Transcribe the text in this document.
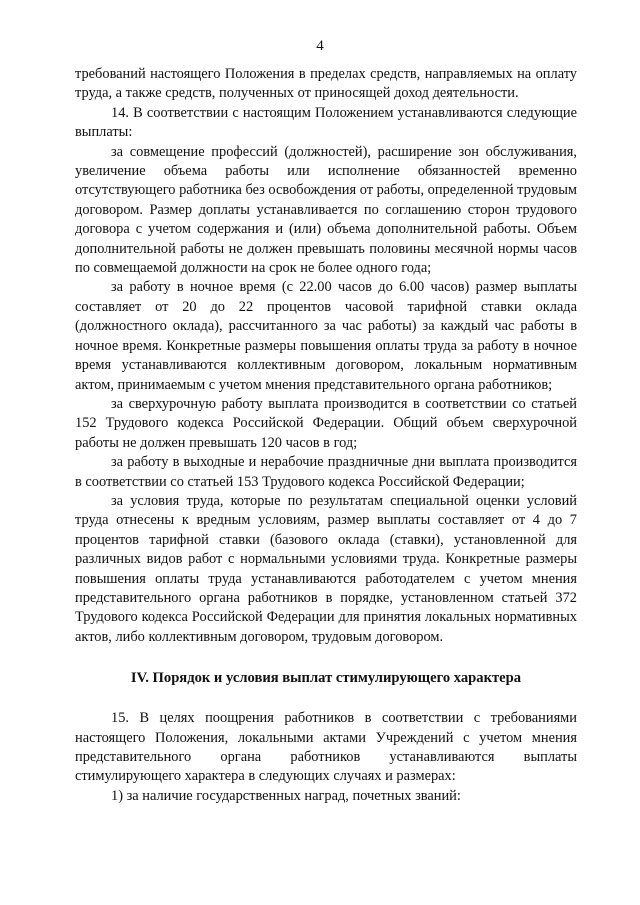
4

требований настоящего Положения в пределах средств, направляемых на оплату труда, а также средств, полученных от приносящей доход деятельности.

14. В соответствии с настоящим Положением устанавливаются следующие выплаты:

за совмещение профессий (должностей), расширение зон обслуживания, увеличение объема работы или исполнение обязанностей временно отсутствующего работника без освобождения от работы, определенной трудовым договором. Размер доплаты устанавливается по соглашению сторон трудового договора с учетом содержания и (или) объема дополнительной работы. Объем дополнительной работы не должен превышать половины месячной нормы часов по совмещаемой должности на срок не более одного года;

за работу в ночное время (с 22.00 часов до 6.00 часов) размер выплаты составляет от 20 до 22 процентов часовой тарифной ставки оклада (должностного оклада), рассчитанного за час работы) за каждый час работы в ночное время. Конкретные размеры повышения оплаты труда за работу в ночное время устанавливаются коллективным договором, локальным нормативным актом, принимаемым с учетом мнения представительного органа работников;

за сверхурочную работу выплата производится в соответствии со статьей 152 Трудового кодекса Российской Федерации. Общий объем сверхурочной работы не должен превышать 120 часов в год;

за работу в выходные и нерабочие праздничные дни выплата производится в соответствии со статьей 153 Трудового кодекса Российской Федерации;

за условия труда, которые по результатам специальной оценки условий труда отнесены к вредным условиям, размер выплаты составляет от 4 до 7 процентов тарифной ставки (базового оклада (ставки), установленной для различных видов работ с нормальными условиями труда. Конкретные размеры повышения оплаты труда устанавливаются работодателем с учетом мнения представительного органа работников в порядке, установленном статьей 372 Трудового кодекса Российской Федерации для принятия локальных нормативных актов, либо коллективным договором, трудовым договором.

IV. Порядок и условия выплат стимулирующего характера

15. В целях поощрения работников в соответствии с требованиями настоящего Положения, локальными актами Учреждений с учетом мнения представительного органа работников устанавливаются выплаты стимулирующего характера в следующих случаях и размерах:

1) за наличие государственных наград, почетных званий:
